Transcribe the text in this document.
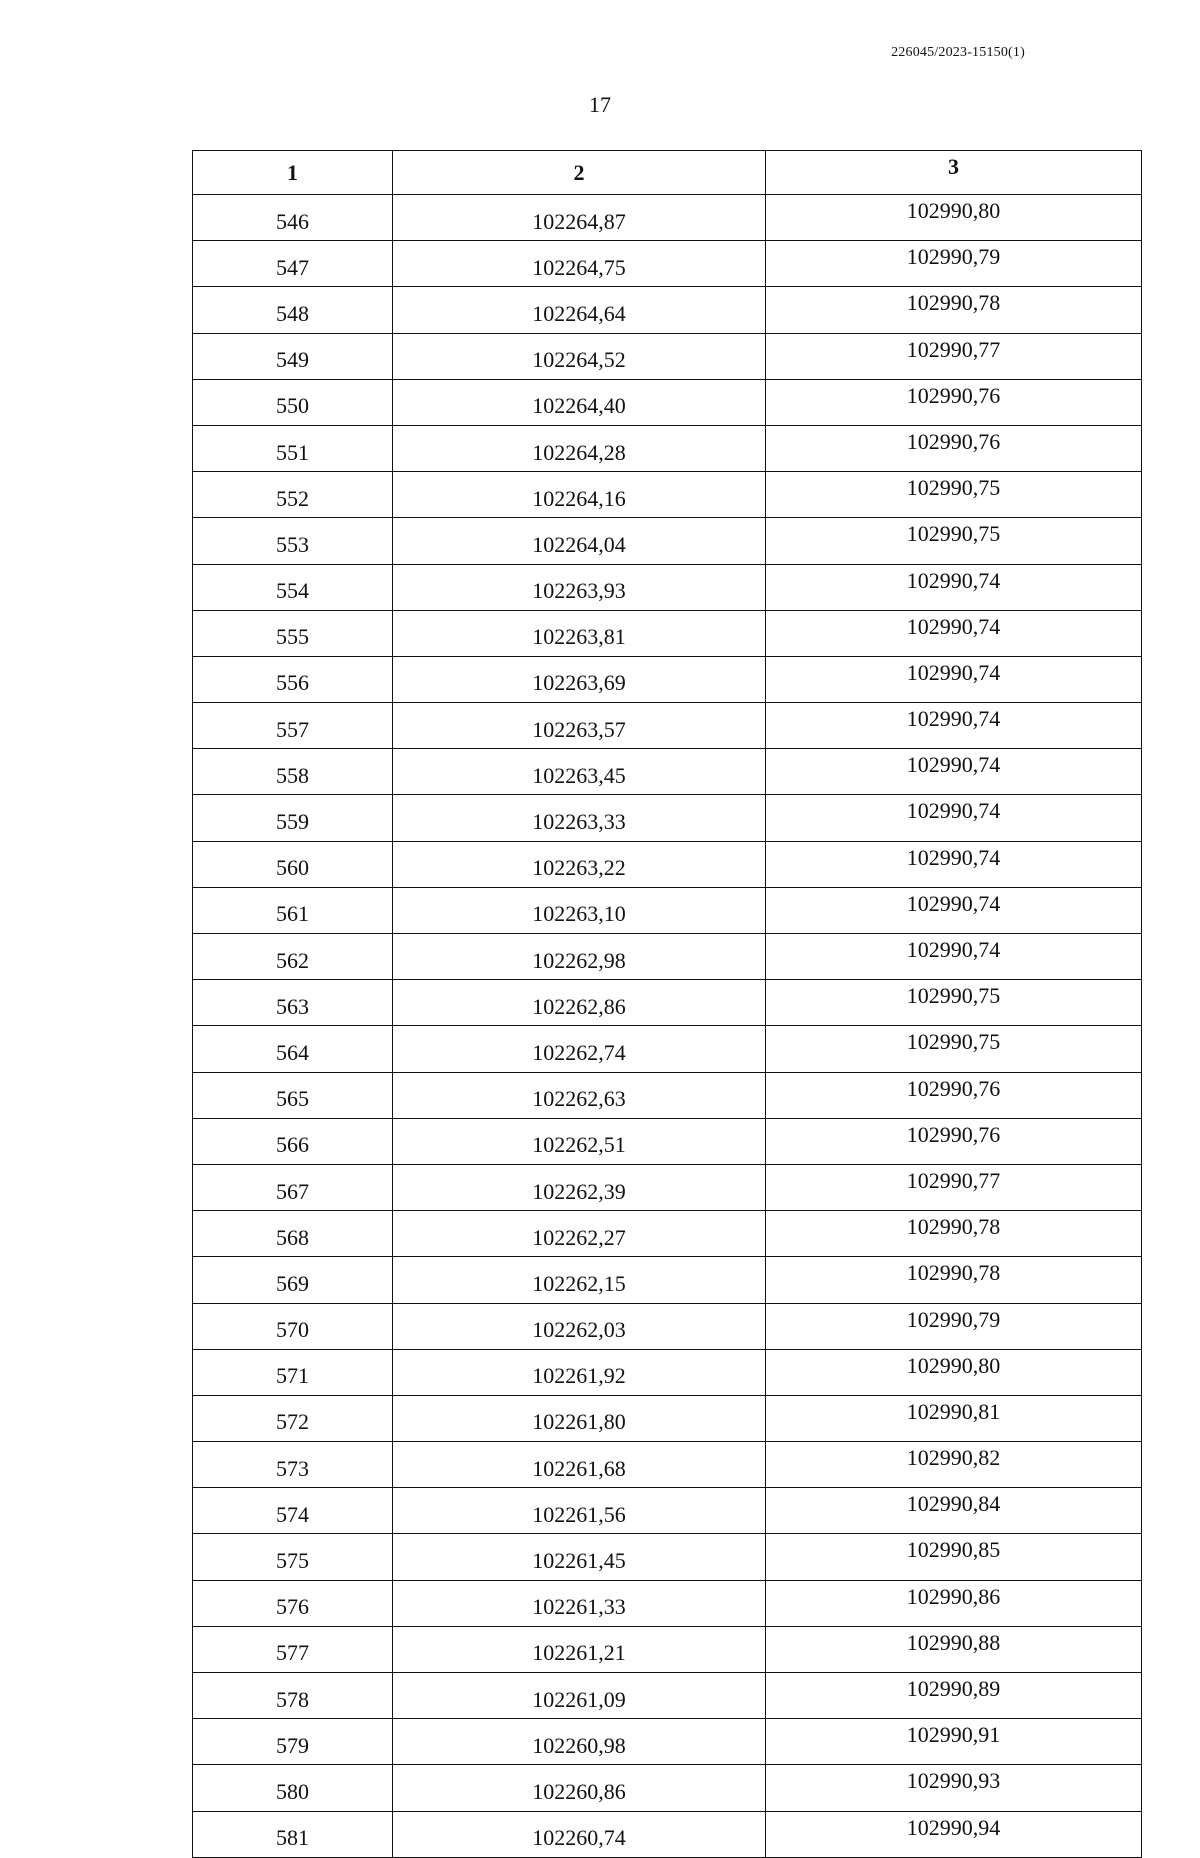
226045/2023-15150(1)
17
1	2	3
546	102264,87	102990,80
547	102264,75	102990,79
548	102264,64	102990,78
549	102264,52	102990,77
550	102264,40	102990,76
551	102264,28	102990,76
552	102264,16	102990,75
553	102264,04	102990,75
554	102263,93	102990,74
555	102263,81	102990,74
556	102263,69	102990,74
557	102263,57	102990,74
558	102263,45	102990,74
559	102263,33	102990,74
560	102263,22	102990,74
561	102263,10	102990,74
562	102262,98	102990,74
563	102262,86	102990,75
564	102262,74	102990,75
565	102262,63	102990,76
566	102262,51	102990,76
567	102262,39	102990,77
568	102262,27	102990,78
569	102262,15	102990,78
570	102262,03	102990,79
571	102261,92	102990,80
572	102261,80	102990,81
573	102261,68	102990,82
574	102261,56	102990,84
575	102261,45	102990,85
576	102261,33	102990,86
577	102261,21	102990,88
578	102261,09	102990,89
579	102260,98	102990,91
580	102260,86	102990,93
581	102260,74	102990,94
